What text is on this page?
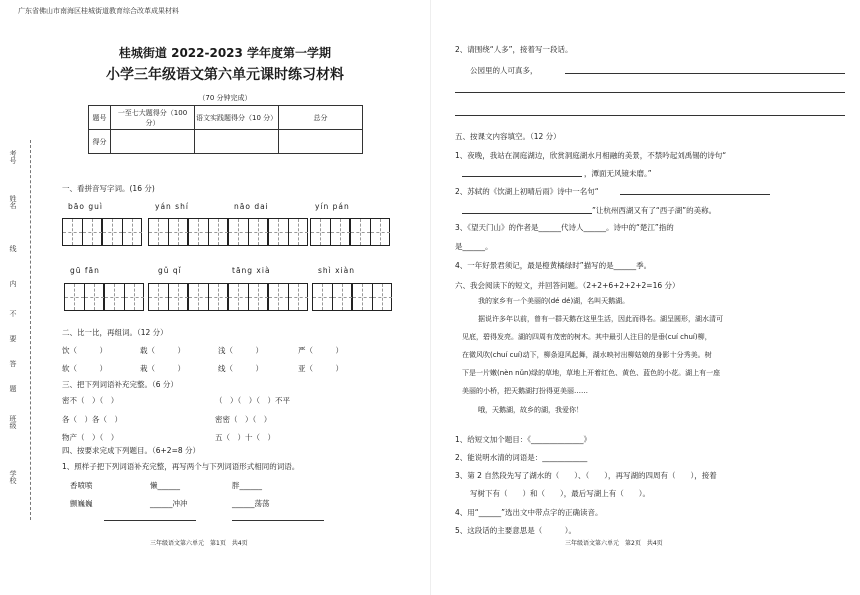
广东省佛山市南海区桂城街道教育综合改革成果材料
考号
姓名
线
内
不
要
答
题
班级
学校
桂城街道 2022-2023 学年度第一学期
小学三年级语文第六单元课时练习材料
（70 分钟完成）
题号	一至七大题得分（100 分）	语文实践题得分（10 分）	总分
得分			
一、看拼音写字词。(16 分)
bāo guì	yán shí	nāo dai	yín pán
gū fān	gǔ qǐ	tāng xià	shì xiàn
二、比一比，再组词。（12 分）
饮（　　　）	载（　　　）	浅（　　　）	严（　　　）
软（　　　）	栽（　　　）	线（　　　）	亚（　　　）
三、把下列词语补充完整。（6 分）
密不（　）（　）	（　）（　）（　）不平
各（　）各（　）	密密（　）（　）
物产（　）（　）	五（　）十（　）
四、按要求完成下列题目。（6+2=8 分）
1、照样子把下列词语补充完整，再写两个与下列词语形式相同的词语。
香喷喷	懒______	胖______
颤巍巍	______冲冲	______荡荡
三年级语文第六单元　第1页　共4页
2、请围绕“人多”，接着写一段话。
公园里的人可真多，
五、按课文内容填空。（12 分）
1、夜晚，我站在洞庭湖边，欣赏洞庭湖水月相融的美景，不禁吟起刘禹锡的诗句“
，潭面无风镜未磨。”
2、苏轼的《饮湖上初晴后雨》诗中一名句“
”让杭州西湖又有了“西子湖”的美称。
3、《望天门山》的作者是______代诗人______。诗中的“楚江”指的
是______。
4、一年好景君须记，最是橙黄橘绿时”描写的是______季。
六、我会阅读下的短文，并回答问题。（2+2+6+2+2+2=16 分）
我的家乡有一个美丽的(dé dé)湖，名叫天鹅湖。
据说许多年以前，曾有一群天鹅在这里生活，因此而得名。湖呈圆形，湖水清可
见底，碧得发亮。湖的四周有茂密的树木。其中最引人注目的是垂(cuí chuí)柳，
在微风吹(chuí cuí)动下，柳条迎风起舞，湖水映衬出柳姑娘的身影十分秀美。树
下是一片嫩(nèn nǔn)绿的草地，草地上开着红色、黄色、蓝色的小花。湖上有一座
美丽的小桥，把天鹅湖打扮得更美丽……
哦，天鹅湖，故乡的湖，我爱你！
1、给短文加个题目：《______________》
2、能说明水清的词语是：____________
3、第 2 自然段先写了湖水的（　　）、（　　），再写湖的四周有（　　），接着
写树下有（　　）和（　　），最后写湖上有（　　）。
4、用“______”选出文中带点字的正确读音。
5、这段话的主要意思是（　　　）。
三年级语文第六单元　第2页　共4页
